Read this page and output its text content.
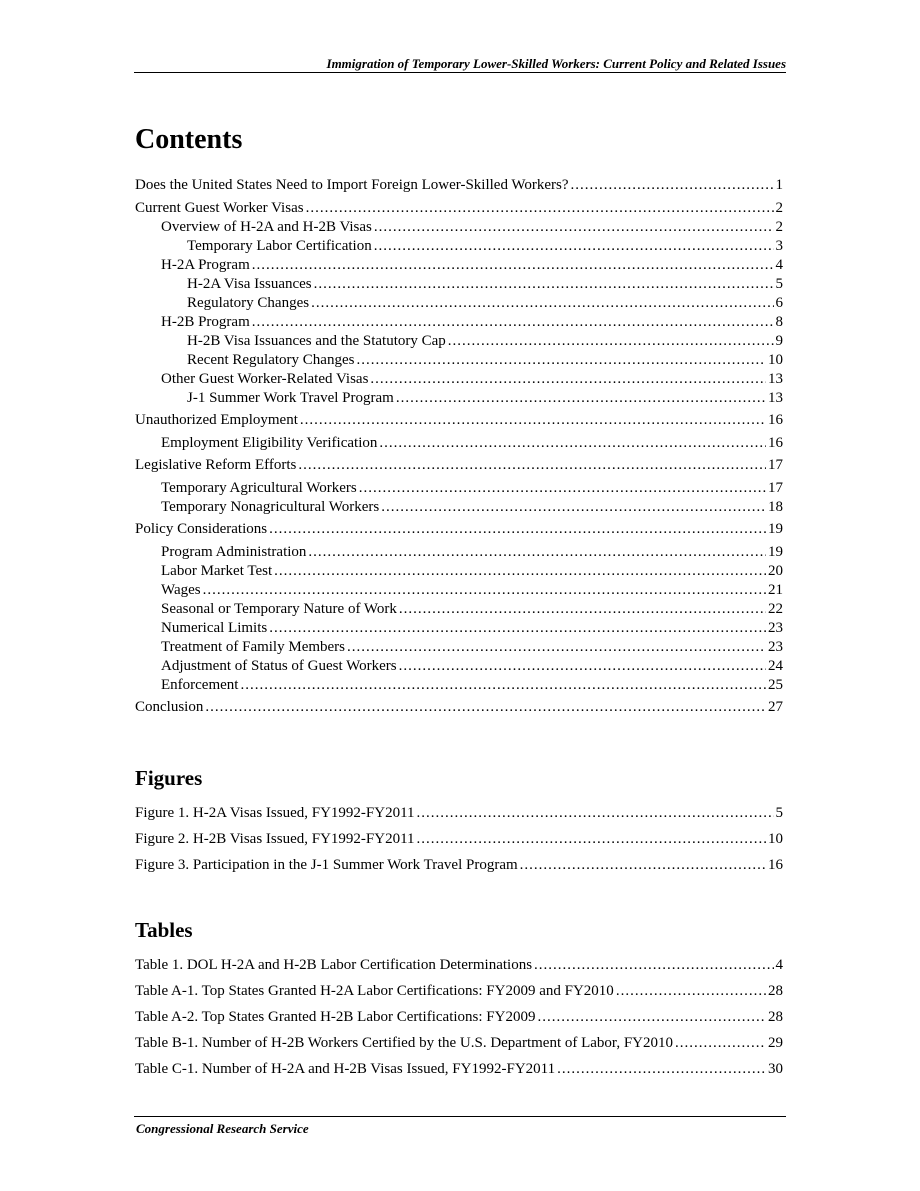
Immigration of Temporary Lower-Skilled Workers: Current Policy and Related Issues
Contents
Does the United States Need to Import Foreign Lower-Skilled Workers? .....	1
Current Guest Worker Visas .....	2
Overview of H-2A and H-2B Visas .....	2
Temporary Labor Certification .....	3
H-2A Program .....	4
H-2A Visa Issuances .....	5
Regulatory Changes .....	6
H-2B Program .....	8
H-2B Visa Issuances and the Statutory Cap .....	9
Recent Regulatory Changes .....	10
Other Guest Worker-Related Visas .....	13
J-1 Summer Work Travel Program .....	13
Unauthorized Employment .....	16
Employment Eligibility Verification .....	16
Legislative Reform Efforts .....	17
Temporary Agricultural Workers .....	17
Temporary Nonagricultural Workers .....	18
Policy Considerations .....	19
Program Administration .....	19
Labor Market Test .....	20
Wages .....	21
Seasonal or Temporary Nature of Work .....	22
Numerical Limits .....	23
Treatment of Family Members .....	23
Adjustment of Status of Guest Workers .....	24
Enforcement .....	25
Conclusion .....	27
Figures
Figure 1. H-2A Visas Issued, FY1992-FY2011 .....	5
Figure 2. H-2B Visas Issued, FY1992-FY2011 .....	10
Figure 3. Participation in the J-1 Summer Work Travel Program .....	16
Tables
Table 1. DOL H-2A and H-2B Labor Certification Determinations .....	4
Table A-1. Top States Granted H-2A Labor Certifications: FY2009 and FY2010 .....	28
Table A-2. Top States Granted H-2B Labor Certifications: FY2009 .....	28
Table B-1. Number of H-2B Workers Certified by the U.S. Department of Labor, FY2010 .....	29
Table C-1. Number of H-2A and H-2B Visas Issued, FY1992-FY2011 .....	30
Congressional Research Service
